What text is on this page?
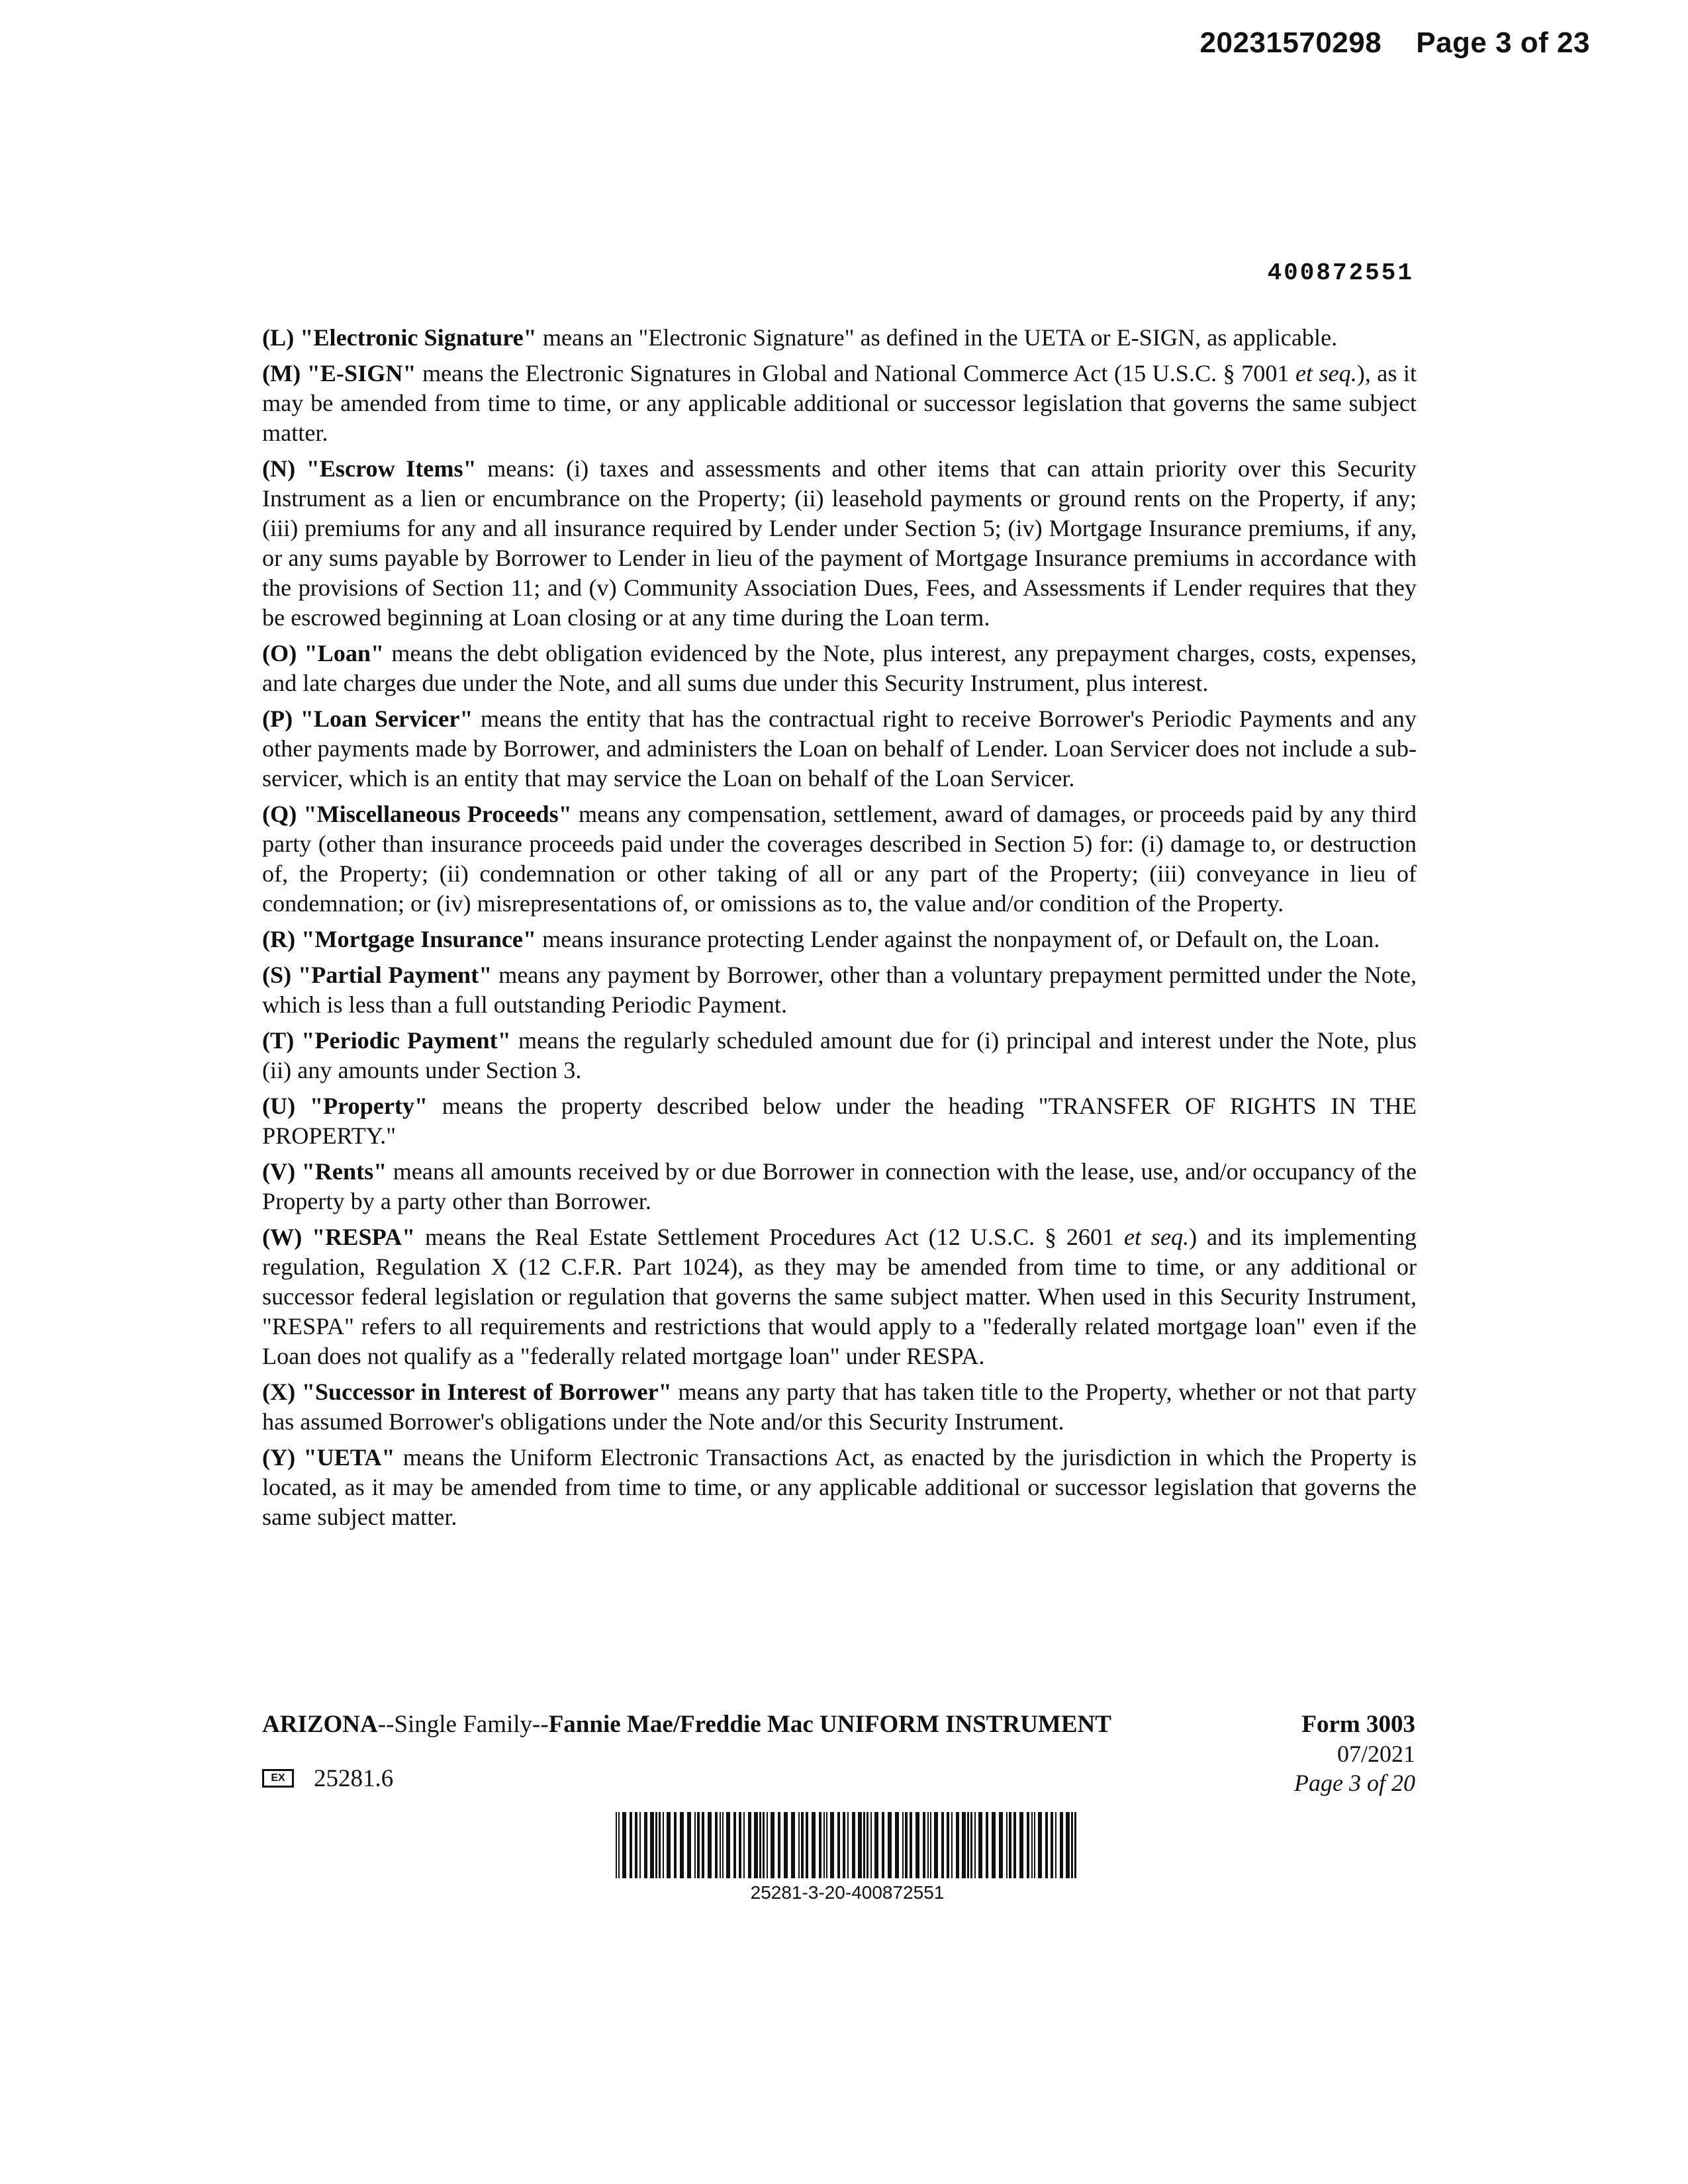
20231570298 Page 3 of 23
400872551

(L) "Electronic Signature" means an "Electronic Signature" as defined in the UETA or E-SIGN, as applicable.

(M) "E-SIGN" means the Electronic Signatures in Global and National Commerce Act (15 U.S.C. § 7001 et seq.), as it may be amended from time to time, or any applicable additional or successor legislation that governs the same subject matter.

(N) "Escrow Items" means: (i) taxes and assessments and other items that can attain priority over this Security Instrument as a lien or encumbrance on the Property; (ii) leasehold payments or ground rents on the Property, if any; (iii) premiums for any and all insurance required by Lender under Section 5; (iv) Mortgage Insurance premiums, if any, or any sums payable by Borrower to Lender in lieu of the payment of Mortgage Insurance premiums in accordance with the provisions of Section 11; and (v) Community Association Dues, Fees, and Assessments if Lender requires that they be escrowed beginning at Loan closing or at any time during the Loan term.

(O) "Loan" means the debt obligation evidenced by the Note, plus interest, any prepayment charges, costs, expenses, and late charges due under the Note, and all sums due under this Security Instrument, plus interest.

(P) "Loan Servicer" means the entity that has the contractual right to receive Borrower's Periodic Payments and any other payments made by Borrower, and administers the Loan on behalf of Lender. Loan Servicer does not include a sub-servicer, which is an entity that may service the Loan on behalf of the Loan Servicer.

(Q) "Miscellaneous Proceeds" means any compensation, settlement, award of damages, or proceeds paid by any third party (other than insurance proceeds paid under the coverages described in Section 5) for: (i) damage to, or destruction of, the Property; (ii) condemnation or other taking of all or any part of the Property; (iii) conveyance in lieu of condemnation; or (iv) misrepresentations of, or omissions as to, the value and/or condition of the Property.

(R) "Mortgage Insurance" means insurance protecting Lender against the nonpayment of, or Default on, the Loan.

(S) "Partial Payment" means any payment by Borrower, other than a voluntary prepayment permitted under the Note, which is less than a full outstanding Periodic Payment.

(T) "Periodic Payment" means the regularly scheduled amount due for (i) principal and interest under the Note, plus (ii) any amounts under Section 3.

(U) "Property" means the property described below under the heading "TRANSFER OF RIGHTS IN THE PROPERTY."

(V) "Rents" means all amounts received by or due Borrower in connection with the lease, use, and/or occupancy of the Property by a party other than Borrower.

(W) "RESPA" means the Real Estate Settlement Procedures Act (12 U.S.C. § 2601 et seq.) and its implementing regulation, Regulation X (12 C.F.R. Part 1024), as they may be amended from time to time, or any additional or successor federal legislation or regulation that governs the same subject matter. When used in this Security Instrument, "RESPA" refers to all requirements and restrictions that would apply to a "federally related mortgage loan" even if the Loan does not qualify as a "federally related mortgage loan" under RESPA.

(X) "Successor in Interest of Borrower" means any party that has taken title to the Property, whether or not that party has assumed Borrower's obligations under the Note and/or this Security Instrument.

(Y) "UETA" means the Uniform Electronic Transactions Act, as enacted by the jurisdiction in which the Property is located, as it may be amended from time to time, or any applicable additional or successor legislation that governs the same subject matter.

ARIZONA--Single Family--Fannie Mae/Freddie Mac UNIFORM INSTRUMENT	Form 3003
07/2021
Page 3 of 20
EX 25281.6
25281-3-20-400872551
